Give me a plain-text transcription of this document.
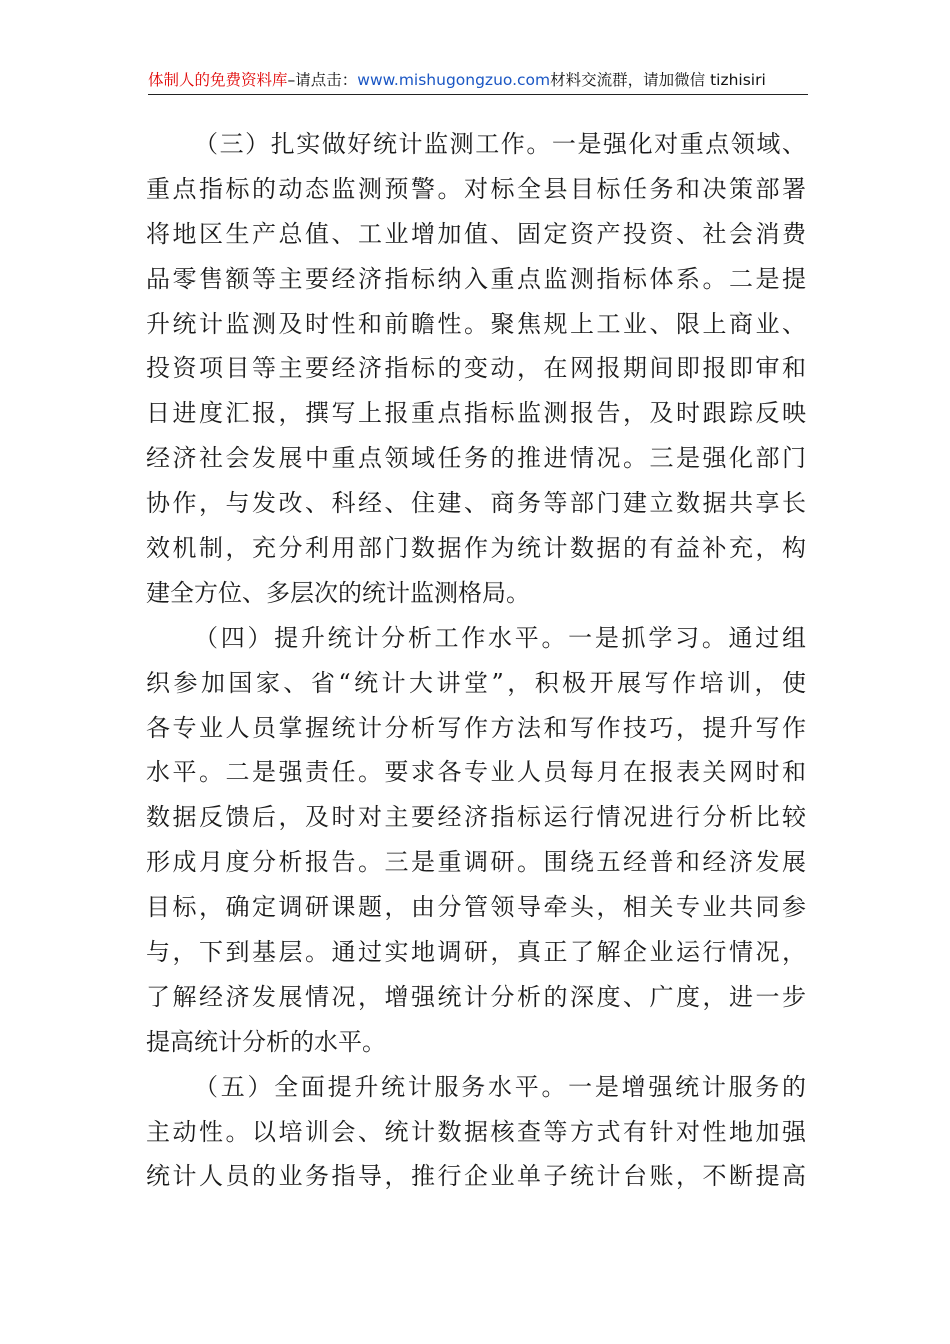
体制人的免费资料库–请点击：www.mishugongzuo.com材料交流群，请加微信 tizhisiri
（三）扎实做好统计监测工作。一是强化对重点领域、
重点指标的动态监测预警。对标全县目标任务和决策部署
将地区生产总值、工业增加值、固定资产投资、社会消费
品零售额等主要经济指标纳入重点监测指标体系。二是提
升统计监测及时性和前瞻性。聚焦规上工业、限上商业、
投资项目等主要经济指标的变动，在网报期间即报即审和
日进度汇报，撰写上报重点指标监测报告，及时跟踪反映
经济社会发展中重点领域任务的推进情况。三是强化部门
协作，与发改、科经、住建、商务等部门建立数据共享长
效机制，充分利用部门数据作为统计数据的有益补充，构
建全方位、多层次的统计监测格局。
（四）提升统计分析工作水平。一是抓学习。通过组
织参加国家、省“统计大讲堂”，积极开展写作培训，使
各专业人员掌握统计分析写作方法和写作技巧，提升写作
水平。二是强责任。要求各专业人员每月在报表关网时和
数据反馈后，及时对主要经济指标运行情况进行分析比较
形成月度分析报告。三是重调研。围绕五经普和经济发展
目标，确定调研课题，由分管领导牵头，相关专业共同参
与，下到基层。通过实地调研，真正了解企业运行情况，
了解经济发展情况，增强统计分析的深度、广度，进一步
提高统计分析的水平。
（五）全面提升统计服务水平。一是增强统计服务的
主动性。以培训会、统计数据核查等方式有针对性地加强
统计人员的业务指导，推行企业单子统计台账，不断提高
